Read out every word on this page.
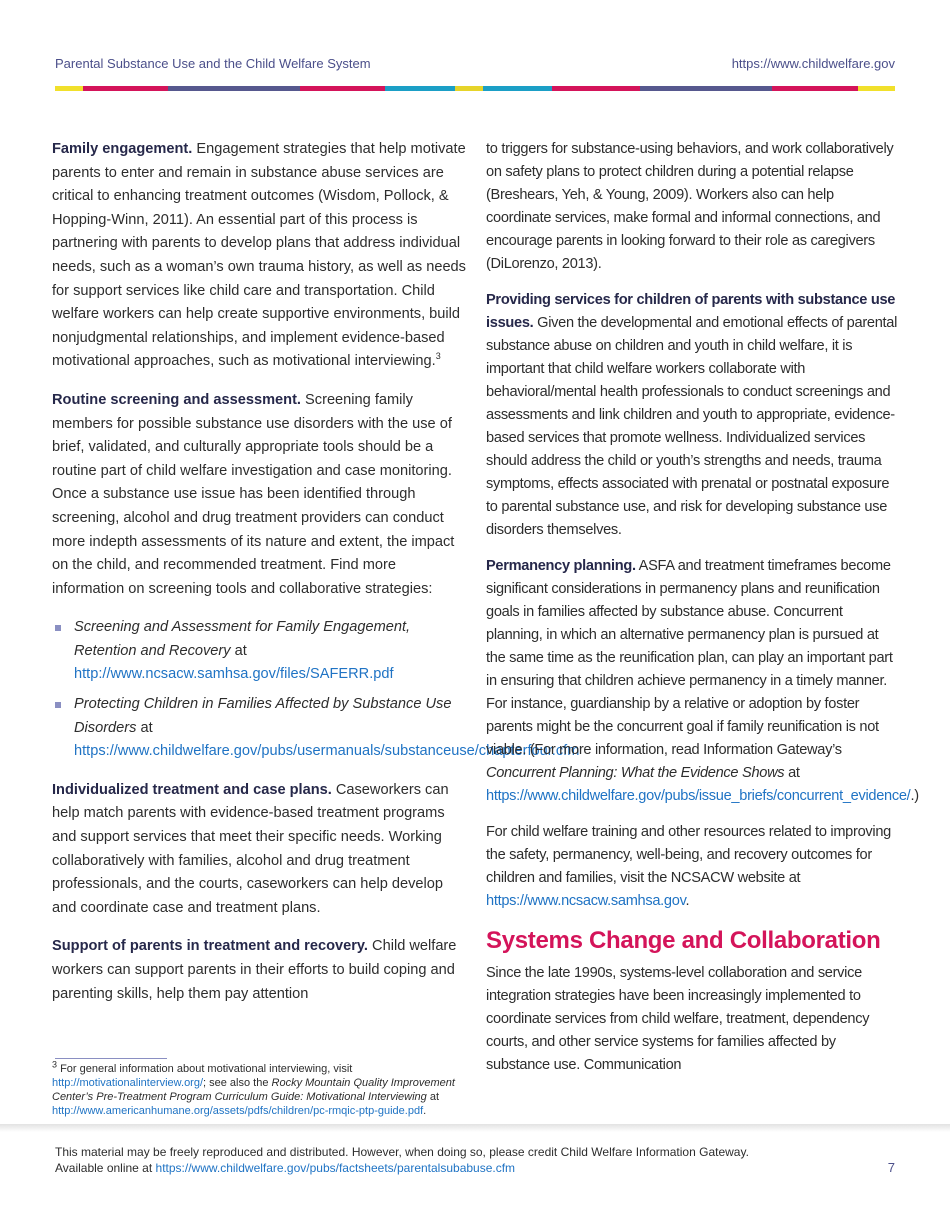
Parental Substance Use and the Child Welfare System	https://www.childwelfare.gov

Family engagement. Engagement strategies that help motivate parents to enter and remain in substance abuse services are critical to enhancing treatment outcomes (Wisdom, Pollock, & Hopping-Winn, 2011). An essential part of this process is partnering with parents to develop plans that address individual needs, such as a woman’s own trauma history, as well as needs for support services like child care and transportation. Child welfare workers can help create supportive environments, build nonjudgmental relationships, and implement evidence-based motivational approaches, such as motivational interviewing.$^3$

Routine screening and assessment. Screening family members for possible substance use disorders with the use of brief, validated, and culturally appropriate tools should be a routine part of child welfare investigation and case monitoring. Once a substance use issue has been identified through screening, alcohol and drug treatment providers can conduct more indepth assessments of its nature and extent, the impact on the child, and recommended treatment. Find more information on screening tools and collaborative strategies:

Screening and Assessment for Family Engagement, Retention and Recovery at http://www.ncsacw.samhsa.gov/files/SAFERR.pdf
Protecting Children in Families Affected by Substance Use Disorders at https://www.childwelfare.gov/pubs/usermanuals/substanceuse/chapterfour.cfm

Individualized treatment and case plans. Caseworkers can help match parents with evidence-based treatment programs and support services that meet their specific needs. Working collaboratively with families, alcohol and drug treatment professionals, and the courts, caseworkers can help develop and coordinate case and treatment plans.

Support of parents in treatment and recovery. Child welfare workers can support parents in their efforts to build coping and parenting skills, help them pay attention

to triggers for substance-using behaviors, and work collaboratively on safety plans to protect children during a potential relapse (Breshears, Yeh, & Young, 2009). Workers also can help coordinate services, make formal and informal connections, and encourage parents in looking forward to their role as caregivers (DiLorenzo, 2013).

Providing services for children of parents with substance use issues. Given the developmental and emotional effects of parental substance abuse on children and youth in child welfare, it is important that child welfare workers collaborate with behavioral/mental health professionals to conduct screenings and assessments and link children and youth to appropriate, evidence-based services that promote wellness. Individualized services should address the child or youth’s strengths and needs, trauma symptoms, effects associated with prenatal or postnatal exposure to parental substance use, and risk for developing substance use disorders themselves.

Permanency planning. ASFA and treatment timeframes become significant considerations in permanency plans and reunification goals in families affected by substance abuse. Concurrent planning, in which an alternative permanency plan is pursued at the same time as the reunification plan, can play an important part in ensuring that children achieve permanency in a timely manner. For instance, guardianship by a relative or adoption by foster parents might be the concurrent goal if family reunification is not viable. (For more information, read Information Gateway’s Concurrent Planning: What the Evidence Shows at https://www.childwelfare.gov/pubs/issue_briefs/concurrent_evidence/.)

For child welfare training and other resources related to improving the safety, permanency, well-being, and recovery outcomes for children and families, visit the NCSACW website at https://www.ncsacw.samhsa.gov.

Systems Change and Collaboration

Since the late 1990s, systems-level collaboration and service integration strategies have been increasingly implemented to coordinate services from child welfare, treatment, dependency courts, and other service systems for families affected by substance use. Communication

$^3$ For general information about motivational interviewing, visit http://motivationalinterview.org/; see also the Rocky Mountain Quality Improvement Center’s Pre-Treatment Program Curriculum Guide: Motivational Interviewing at http://www.americanhumane.org/assets/pdfs/children/pc-rmqic-ptp-guide.pdf.
This material may be freely reproduced and distributed. However, when doing so, please credit Child Welfare Information Gateway.
Available online at https://www.childwelfare.gov/pubs/factsheets/parentalsubabuse.cfm	7
